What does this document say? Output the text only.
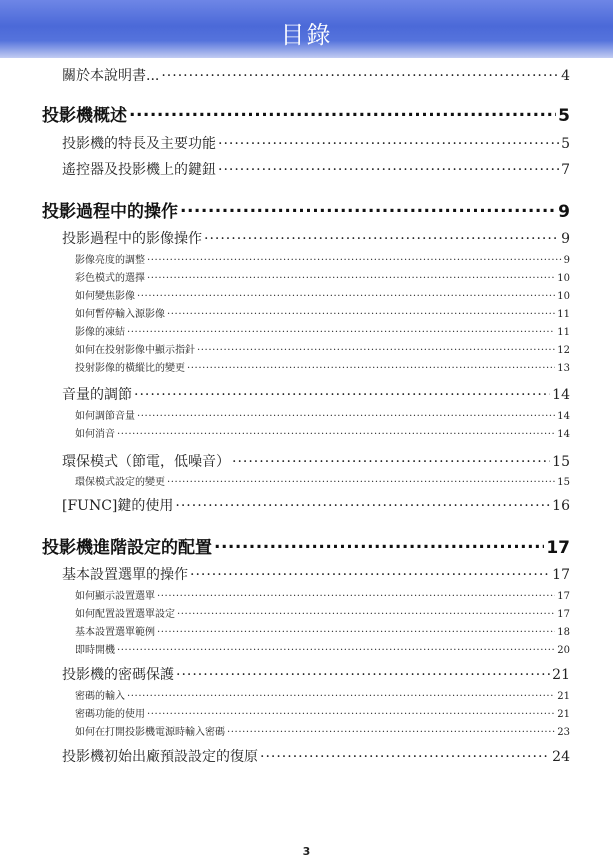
目錄
關於本說明書... .....	4
投影機概述 .....	5
投影機的特長及主要功能 .....	5
遙控器及投影機上的鍵鈕 .....	7
投影過程中的操作 .....	9
投影過程中的影像操作 .....	9
影像亮度的調整 .....	9
彩色模式的選擇 .....	10
如何變焦影像 .....	10
如何暫停輸入源影像 .....	11
影像的凍結 .....	11
如何在投射影像中顯示指針 .....	12
投射影像的橫縱比的變更 .....	13
音量的調節 .....	14
如何調節音量 .....	14
如何消音 .....	14
環保模式（節電，低噪音） .....	15
環保模式設定的變更 .....	15
[FUNC]鍵的使用 .....	16
投影機進階設定的配置 .....	17
基本設置選單的操作 .....	17
如何顯示設置選單 .....	17
如何配置設置選單設定 .....	17
基本設置選單範例 .....	18
即時開機 .....	20
投影機的密碼保護 .....	21
密碼的輸入 .....	21
密碼功能的使用 .....	21
如何在打開投影機電源時輸入密碼 .....	23
投影機初始出廠預設設定的復原 .....	24
3
